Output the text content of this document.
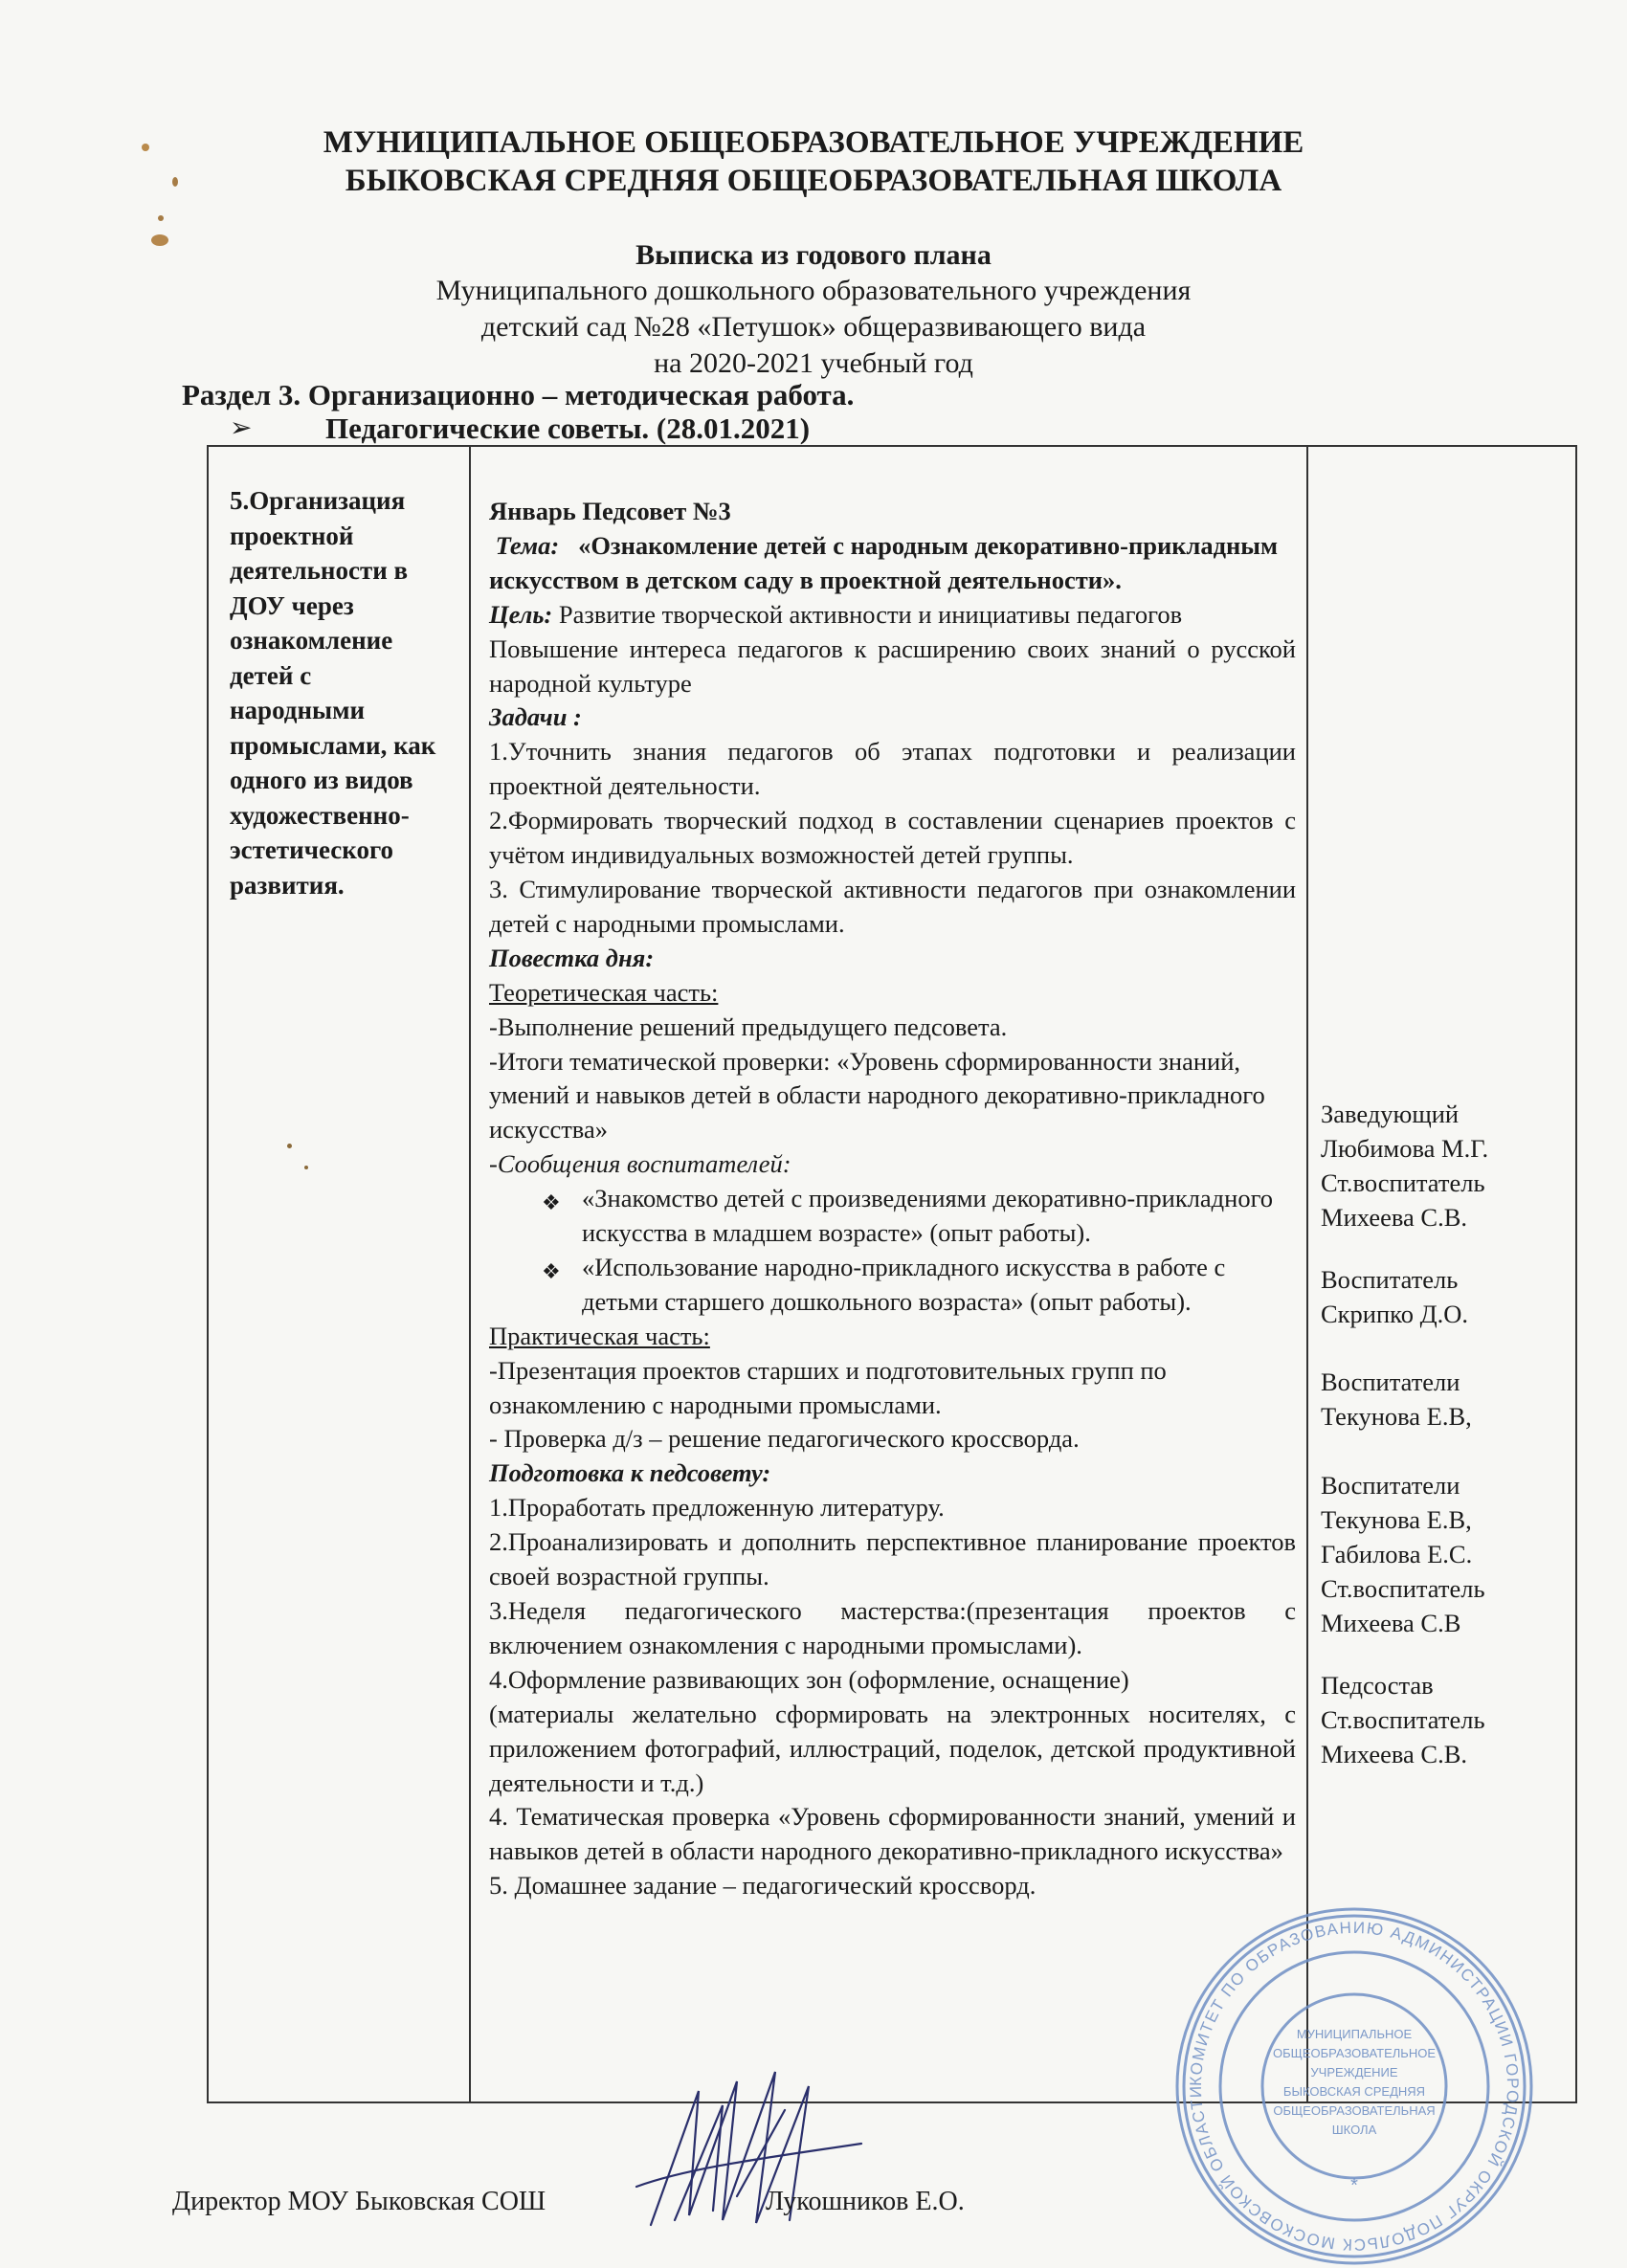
МУНИЦИПАЛЬНОЕ ОБЩЕОБРАЗОВАТЕЛЬНОЕ УЧРЕЖДЕНИЕ
БЫКОВСКАЯ СРЕДНЯЯ ОБЩЕОБРАЗОВАТЕЛЬНАЯ ШКОЛА
Выписка из годового плана
Муниципального дошкольного образовательного учреждения
детский сад №28 «Петушок» общеразвивающего вида
на 2020-2021 учебный год
Раздел 3. Организационно – методическая работа.
➢ Педагогические советы. (28.01.2021)
5.Организация
проектной
деятельности в
ДОУ через
ознакомление
детей с
народными
промыслами, как
одного из видов
художественно-
эстетического
развития.

Январь Педсовет №3

Тема: «Ознакомление детей с народным декоративно-прикладным искусством в детском саду в проектной деятельности».

Цель: Развитие творческой активности и инициативы педагогов

Повышение интереса педагогов к расширению своих знаний о русской народной культуре

Задачи :

1.Уточнить знания педагогов об этапах подготовки и реализации проектной деятельности.

2.Формировать творческий подход в составлении сценариев проектов с учётом индивидуальных возможностей детей группы.

3. Стимулирование творческой активности педагогов при ознакомлении детей с народными промыслами.

Повестка дня:

Теоретическая часть:

-Выполнение решений предыдущего педсовета.

-Итоги тематической проверки: «Уровень сформированности знаний, умений и навыков детей в области народного декоративно-прикладного искусства»

-Сообщения воспитателей:

❖ «Знакомство детей с произведениями декоративно-прикладного искусства в младшем возрасте» (опыт работы).
❖ «Использование народно-прикладного искусства в работе с детьми старшего дошкольного возраста» (опыт работы).

Практическая часть:

-Презентация проектов старших и подготовительных групп по ознакомлению с народными промыслами.

- Проверка д/з – решение педагогического кроссворда.

Подготовка к педсовету:

1.Проработать предложенную литературу.

2.Проанализировать и дополнить перспективное планирование проектов своей возрастной группы.

3.Неделя педагогического мастерства:(презентация проектов с включением ознакомления с народными промыслами).

4.Оформление развивающих зон (оформление, оснащение)

(материалы желательно сформировать на электронных носителях, с приложением фотографий, иллюстраций, поделок, детской продуктивной деятельности и т.д.)

4. Тематическая проверка «Уровень сформированности знаний, умений и навыков детей в области народного декоративно-прикладного искусства»

5. Домашнее задание – педагогический кроссворд.

Заведующий
Любимова М.Г.
Ст.воспитатель
Михеева С.В.
Воспитатель
Скрипко Д.О.
Воспитатели
Текунова Е.В,
Воспитатели
Текунова Е.В,
Габилова Е.С.
Ст.воспитатель
Михеева С.В
Педсостав
Ст.воспитатель
Михеева С.В.
КОМИТЕТ ПО ОБРАЗОВАНИЮ АДМИНИСТРАЦИИ ГОРОДСКОЙ ОКРУГ ПОДОЛЬСК МОСКОВСКОЙ ОБЛАСТИ
МУНИЦИПАЛЬНОЕ
ОБЩЕОБРАЗОВАТЕЛЬНОЕ
УЧРЕЖДЕНИЕ
БЫКОВСКАЯ СРЕДНЯЯ
ОБЩЕОБРАЗОВАТЕЛЬНАЯ
ШКОЛА
*
Директор МОУ Быковская СОШ	Лукошников Е.О.
